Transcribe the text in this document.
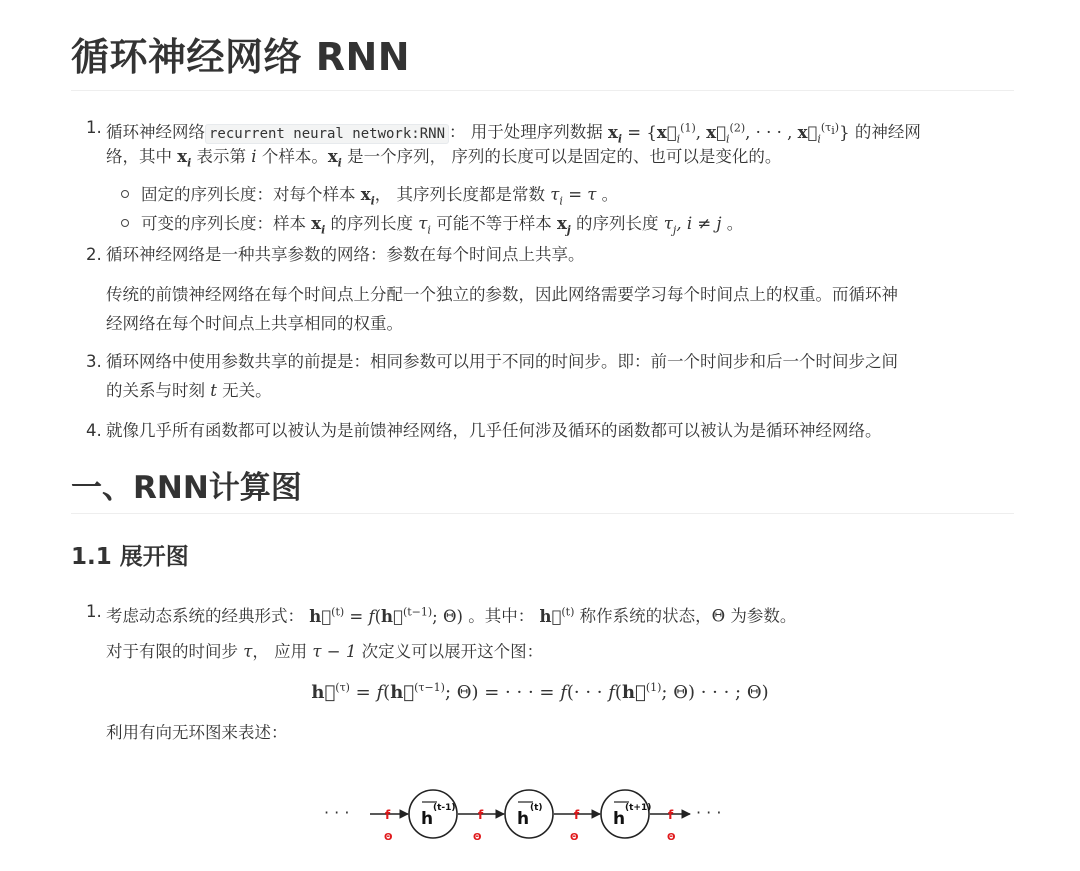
循环神经网络 RNN
1. 循环神经网络 recurrent neural network:RNN ： 用于处理序列数据 $x_i$ = {$x⃗_i^{(1)}$, $x⃗_i^{(2)}$, · · · , $x⃗_i^{(\tau_i)}$} 的神经网
络，其中 $x_i$ 表示第 i 个样本。$x_i$ 是一个序列， 序列的长度可以是固定的、也可以是变化的。
固定的序列长度：对每个样本 $x_i$， 其序列长度都是常数 $\tau_i = \tau$ 。
可变的序列长度：样本 $x_i$ 的序列长度 $\tau_i$ 可能不等于样本 $x_j$ 的序列长度 $\tau_j$, i ≠ j 。
2. 循环神经网络是一种共享参数的网络：参数在每个时间点上共享。
传统的前馈神经网络在每个时间点上分配一个独立的参数，因此网络需要学习每个时间点上的权重。而循环神
经网络在每个时间点上共享相同的权重。
3. 循环网络中使用参数共享的前提是：相同参数可以用于不同的时间步。即：前一个时间步和后一个时间步之间
的关系与时刻 t 无关。
4. 就像几乎所有函数都可以被认为是前馈神经网络，几乎任何涉及循环的函数都可以被认为是循环神经网络。
一、RNN计算图
1.1 展开图
1. 考虑动态系统的经典形式： h⃗$^{(t)}$ = f(h⃗$^{(t-1)}$; Θ) 。其中： h⃗$^{(t)}$ 称作系统的状态，Θ 为参数。
对于有限的时间步 τ， 应用 τ − 1 次定义可以展开这个图：
h⃗$^{(\tau)}$ = f(h⃗$^{(\tau-1)}$; Θ) = · · · = f(· · · f(h⃗$^{(1)}$; Θ) · · · ; Θ)
利用有向无环图来表述：
· · ·	· · ·
f	f	f	f
Θ	Θ	Θ	Θ
h
(t-1)
h
(t)
h
(t+1)
